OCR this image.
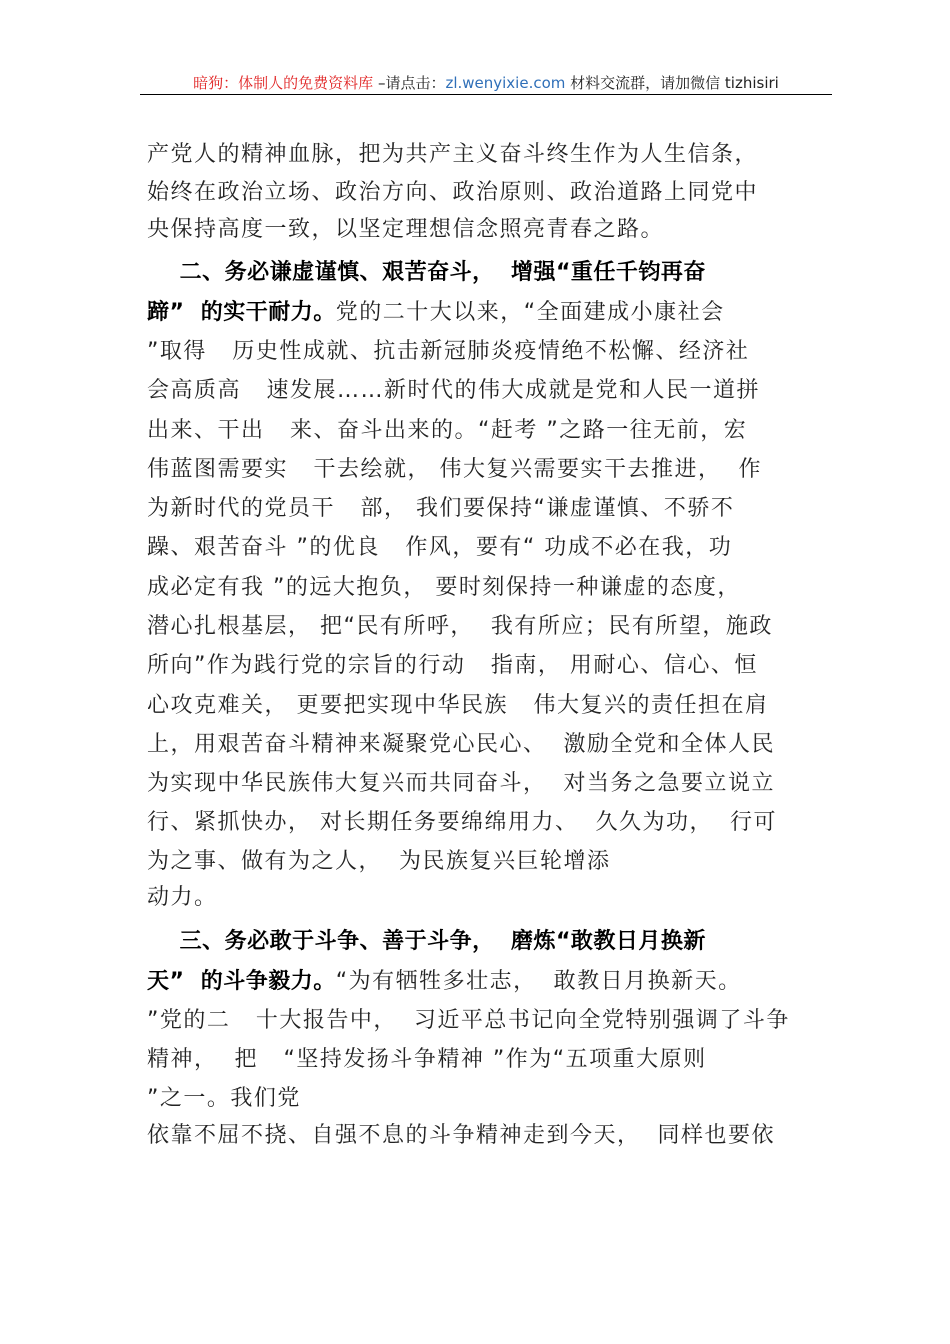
暗狗：体制人的免费资料库 –请点击：zl.wenyixie.com 材料交流群，请加微信 tizhisiri
产党人的精神血脉，把为共产主义奋斗终生作为人生信条，
始终在政治立场、政治方向、政治原则、政治道路上同党中
央保持高度一致，以坚定理想信念照亮青春之路。
二、务必谦虚谨慎、艰苦奋斗，  增强“重任千钧再奋
蹄”  的实干耐力。党的二十大以来，“全面建成小康社会
”取得   历史性成就、抗击新冠肺炎疫情绝不松懈、经济社
会高质高   速发展……新时代的伟大成就是党和人民一道拼
出来、干出   来、奋斗出来的。“赶考 ”之路一往无前，宏
伟蓝图需要实   干去绘就， 伟大复兴需要实干去推进，  作
为新时代的党员干   部， 我们要保持“谦虚谨慎、不骄不
躁、艰苦奋斗 ”的优良   作风，要有“ 功成不必在我，功
成必定有我 ”的远大抱负， 要时刻保持一种谦虚的态度，
潜心扎根基层， 把“民有所呼，  我有所应；民有所望，施政
所向”作为践行党的宗旨的行动   指南， 用耐心、信心、恒
心攻克难关， 更要把实现中华民族   伟大复兴的责任担在肩
上，用艰苦奋斗精神来凝聚党心民心、  激励全党和全体人民
为实现中华民族伟大复兴而共同奋斗，  对当务之急要立说立
行、紧抓快办， 对长期任务要绵绵用力、  久久为功，  行可
为之事、做有为之人，  为民族复兴巨轮增添
动力。
三、务必敢于斗争、善于斗争，  磨炼“敢教日月换新
天”  的斗争毅力。“为有牺牲多壮志，  敢教日月换新天。
”党的二   十大报告中，  习近平总书记向全党特别强调了斗争
精神，  把   “坚持发扬斗争精神 ”作为“五项重大原则
”之一。我们党
依靠不屈不挠、自强不息的斗争精神走到今天，  同样也要依
